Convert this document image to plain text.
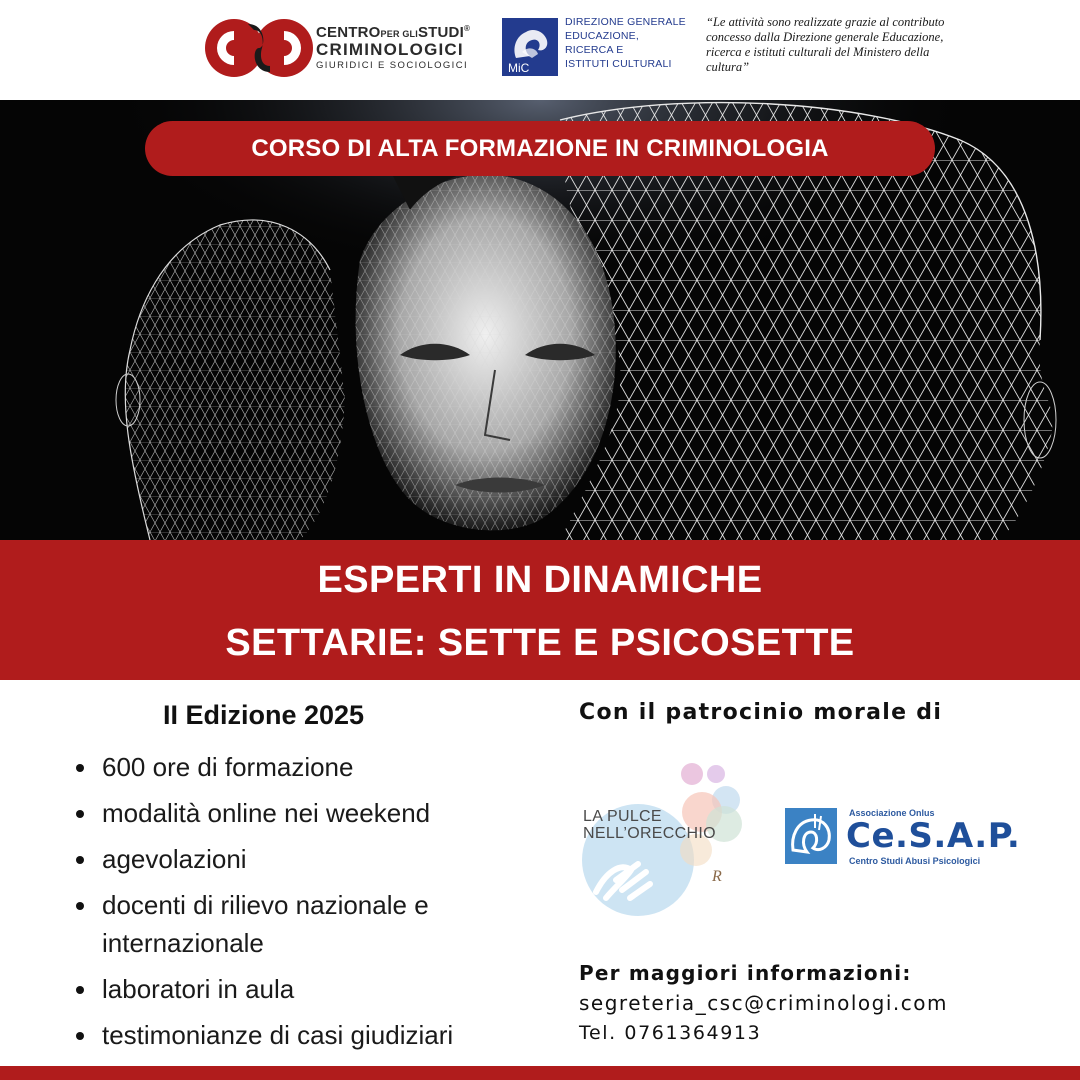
CENTROPER GLISTUDI®
CRIMINOLOGICI
GIURIDICI E SOCIOLOGICI	MiC
DIREZIONE GENERALE
EDUCAZIONE,
RICERCA E
ISTITUTI CULTURALI
“Le attività sono realizzate grazie al contributo concesso dalla Direzione generale Educazione, ricerca e istituti culturali del Ministero della cultura”
CORSO DI ALTA FORMAZIONE IN CRIMINOLOGIA
ESPERTI IN DINAMICHE
SETTARIE: SETTE E PSICOSETTE
II Edizione 2025
600 ore di formazione
modalità online nei weekend
agevolazioni
docenti di rilievo nazionale e internazionale
laboratori in aula
testimonianze di casi giudiziari
Con il patrocinio morale di
LA PULCE
NELL’ORECCHIO
R
Associazione Onlus
Ce.S.A.P.
Centro Studi Abusi Psicologici
Per maggiori informazioni:
segreteria_csc@criminologi.com
Tel. 0761364913
